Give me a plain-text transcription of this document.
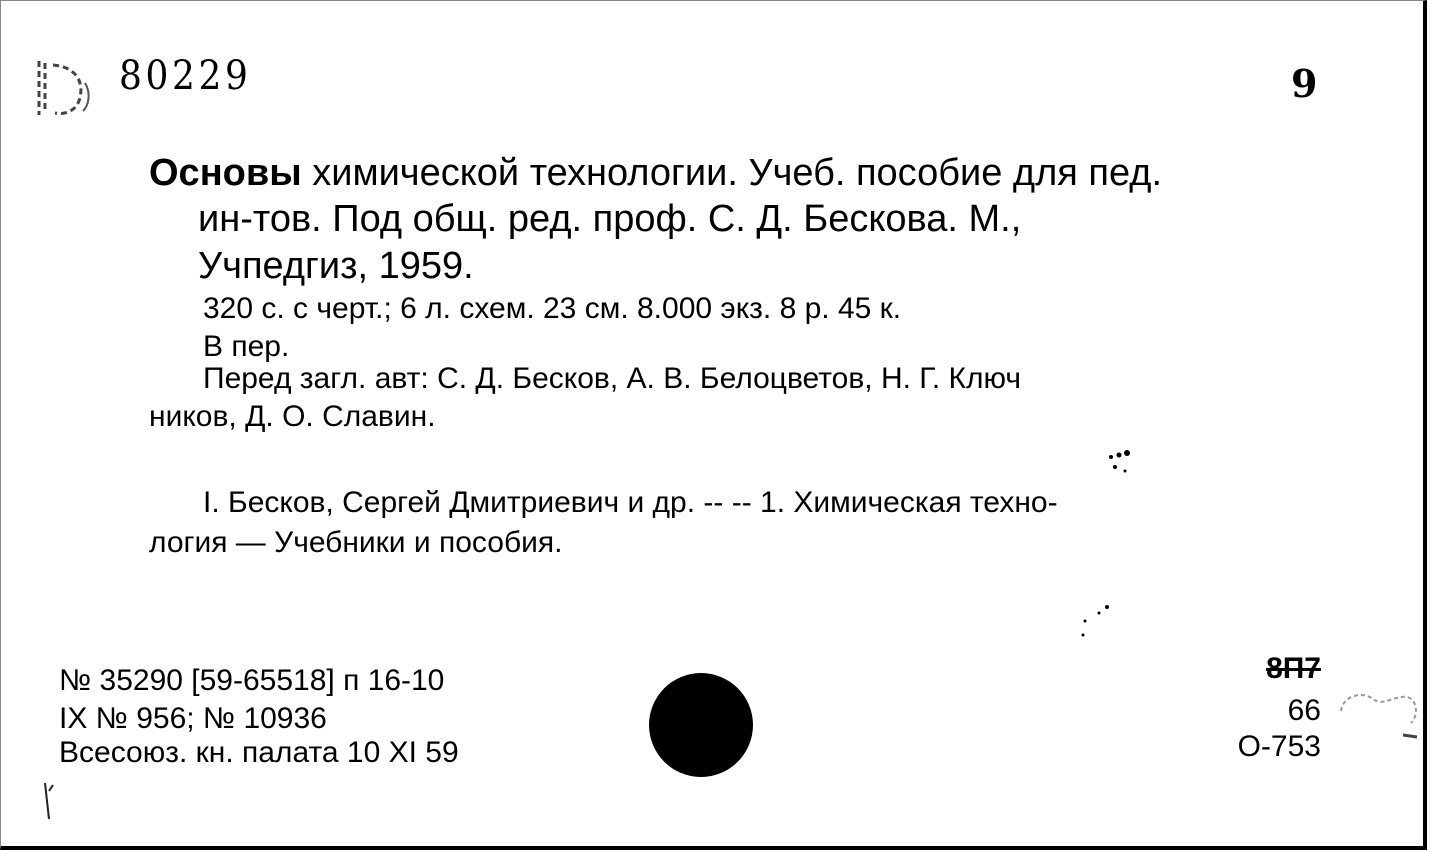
80229	9
Основы химической технологии. Учеб. пособие для пед.
ин-тов. Под общ. ред. проф. С. Д. Бескова. М.,
Учпедгиз, 1959.
320 с. с черт.; 6 л. схем. 23 см. 8.000 экз. 8 р. 45 к.
В пер.
Перед загл. авт: С. Д. Бесков, А. В. Белоцветов, Н. Г. Ключ
ников, Д. О. Славин.
I. Бесков, Сергей Дмитриевич и др. -- -- 1. Химическая техно-
логия — Учебники и пособия.
№ 35290 [59-65518] п 16-10
IX № 956; № 10936
Всесоюз. кн. палата 10 XI 59
8П7
66
О-753
